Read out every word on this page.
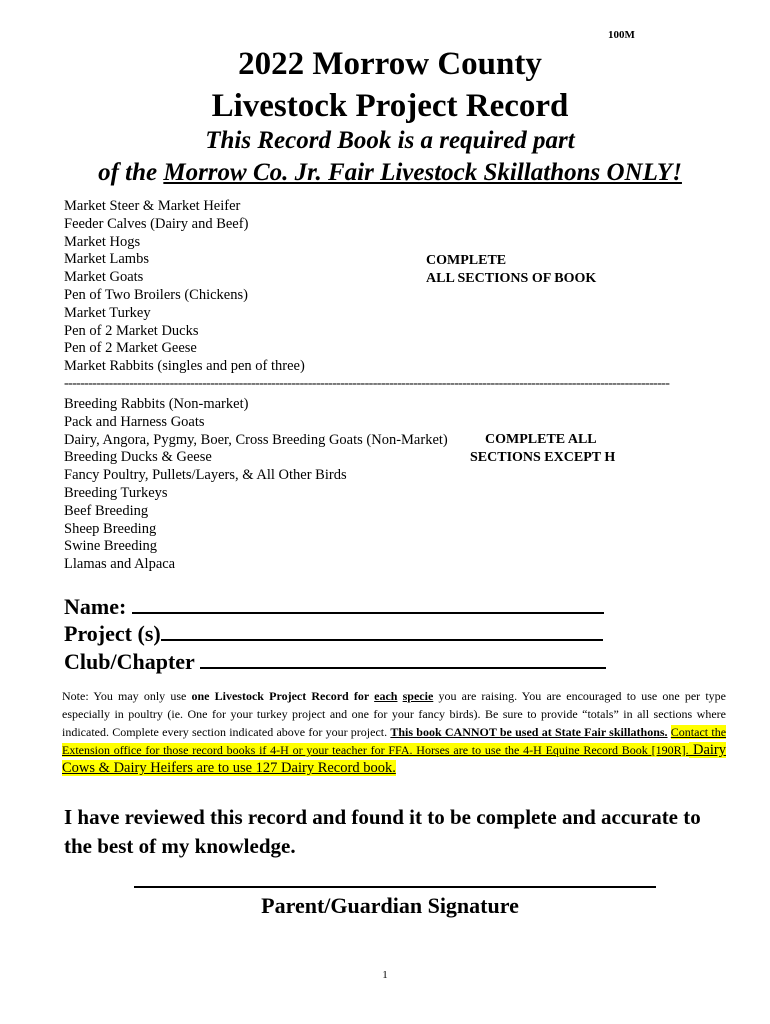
100M
2022 Morrow County
Livestock Project Record
This Record Book is a required part
of the Morrow Co. Jr. Fair Livestock Skillathons ONLY!
Market Steer & Market Heifer
Feeder Calves (Dairy and Beef)
Market Hogs
Market Lambs
Market Goats
Pen of Two Broilers (Chickens)
Market Turkey
Pen of 2 Market Ducks
Pen of 2 Market Geese
Market Rabbits (singles and pen of three)
COMPLETE
ALL SECTIONS OF BOOK
-----------------------------------------------------------------------------------------------------------------------------------------------------
Breeding Rabbits (Non-market)
Pack and Harness Goats
Dairy, Angora, Pygmy, Boer, Cross Breeding Goats (Non-Market)
Breeding Ducks & Geese
Fancy Poultry, Pullets/Layers, & All Other Birds
Breeding Turkeys
Beef Breeding
Sheep Breeding
Swine Breeding
Llamas and Alpaca
COMPLETE ALL
SECTIONS EXCEPT H
Name:
Project (s)
Club/Chapter
Note: You may only use one Livestock Project Record for each specie you are raising. You are encouraged to use one per type especially in poultry (ie. One for your turkey project and one for your fancy birds). Be sure to provide “totals” in all sections where indicated. Complete every section indicated above for your project. This book CANNOT be used at State Fair skillathons. Contact the Extension office for those record books if 4-H or your teacher for FFA. Horses are to use the 4-H Equine Record Book [190R]. Dairy Cows & Dairy Heifers are to use 127 Dairy Record book.
I have reviewed this record and found it to be complete and accurate to the best of my knowledge.
Parent/Guardian Signature
1
